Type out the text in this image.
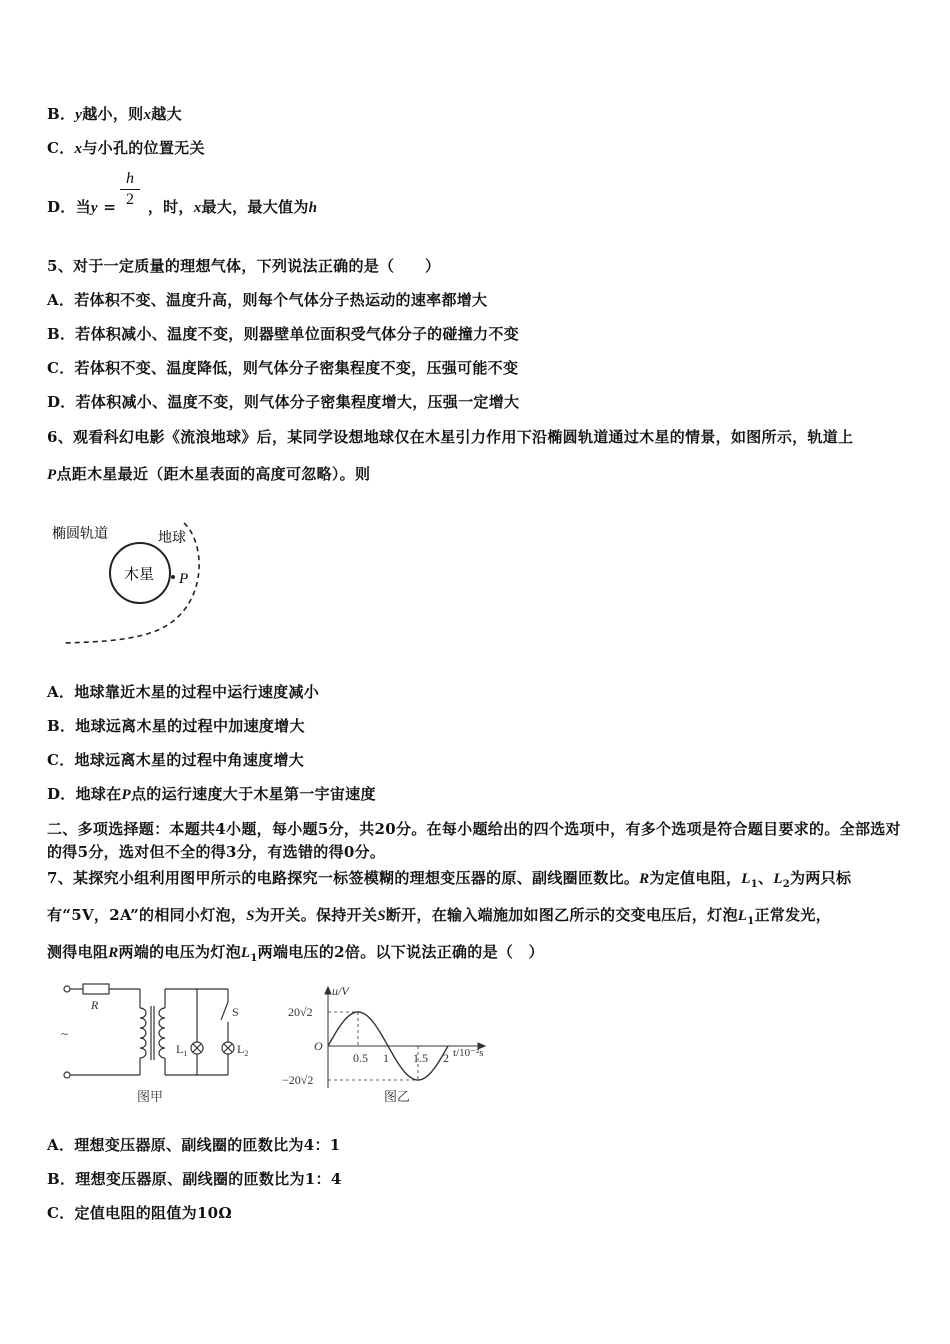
B．y越小，则x越大
C．x与小孔的位置无关
D．当y = ，时，x最大，最大值为h
h
2
5、对于一定质量的理想气体，下列说法正确的是（　　）
A．若体积不变、温度升高，则每个气体分子热运动的速率都增大
B．若体积减小、温度不变，则器壁单位面积受气体分子的碰撞力不变
C．若体积不变、温度降低，则气体分子密集程度不变，压强可能不变
D．若体积减小、温度不变，则气体分子密集程度增大，压强一定增大
6、观看科幻电影《流浪地球》后，某同学设想地球仅在木星引力作用下沿椭圆轨道通过木星的情景，如图所示，轨道上
P点距木星最近（距木星表面的高度可忽略）。则
椭圆轨道	地球
木星 P
A．地球靠近木星的过程中运行速度减小
B．地球远离木星的过程中加速度增大
C．地球远离木星的过程中角速度增大
D．地球在P点的运行速度大于木星第一宇宙速度
二、多项选择题：本题共4小题，每小题5分，共20分。在每小题给出的四个选项中，有多个选项是符合题目要求的。全部选对的得5分，选对但不全的得3分，有选错的得0分。
7、某探究小组利用图甲所示的电路探究一标签模糊的理想变压器的原、副线圈匝数比。R为定值电阻，$L_1$、$L_2$为两只标
有“5V，2A”的相同小灯泡，S为开关。保持开关S断开，在输入端施加如图乙所示的交变电压后，灯泡$L_1$正常发光，
测得电阻R两端的电压为灯泡$L_1$两端电压的2倍。以下说法正确的是（　）
R	S
$L_1$	$L_2$
~
图甲
0.5 1 1.5 2
20√2
−20√2
u/V
t/10⁻²s
O
图乙
A．理想变压器原、副线圈的匝数比为4：1
B．理想变压器原、副线圈的匝数比为1：4
C．定值电阻的阻值为10Ω
